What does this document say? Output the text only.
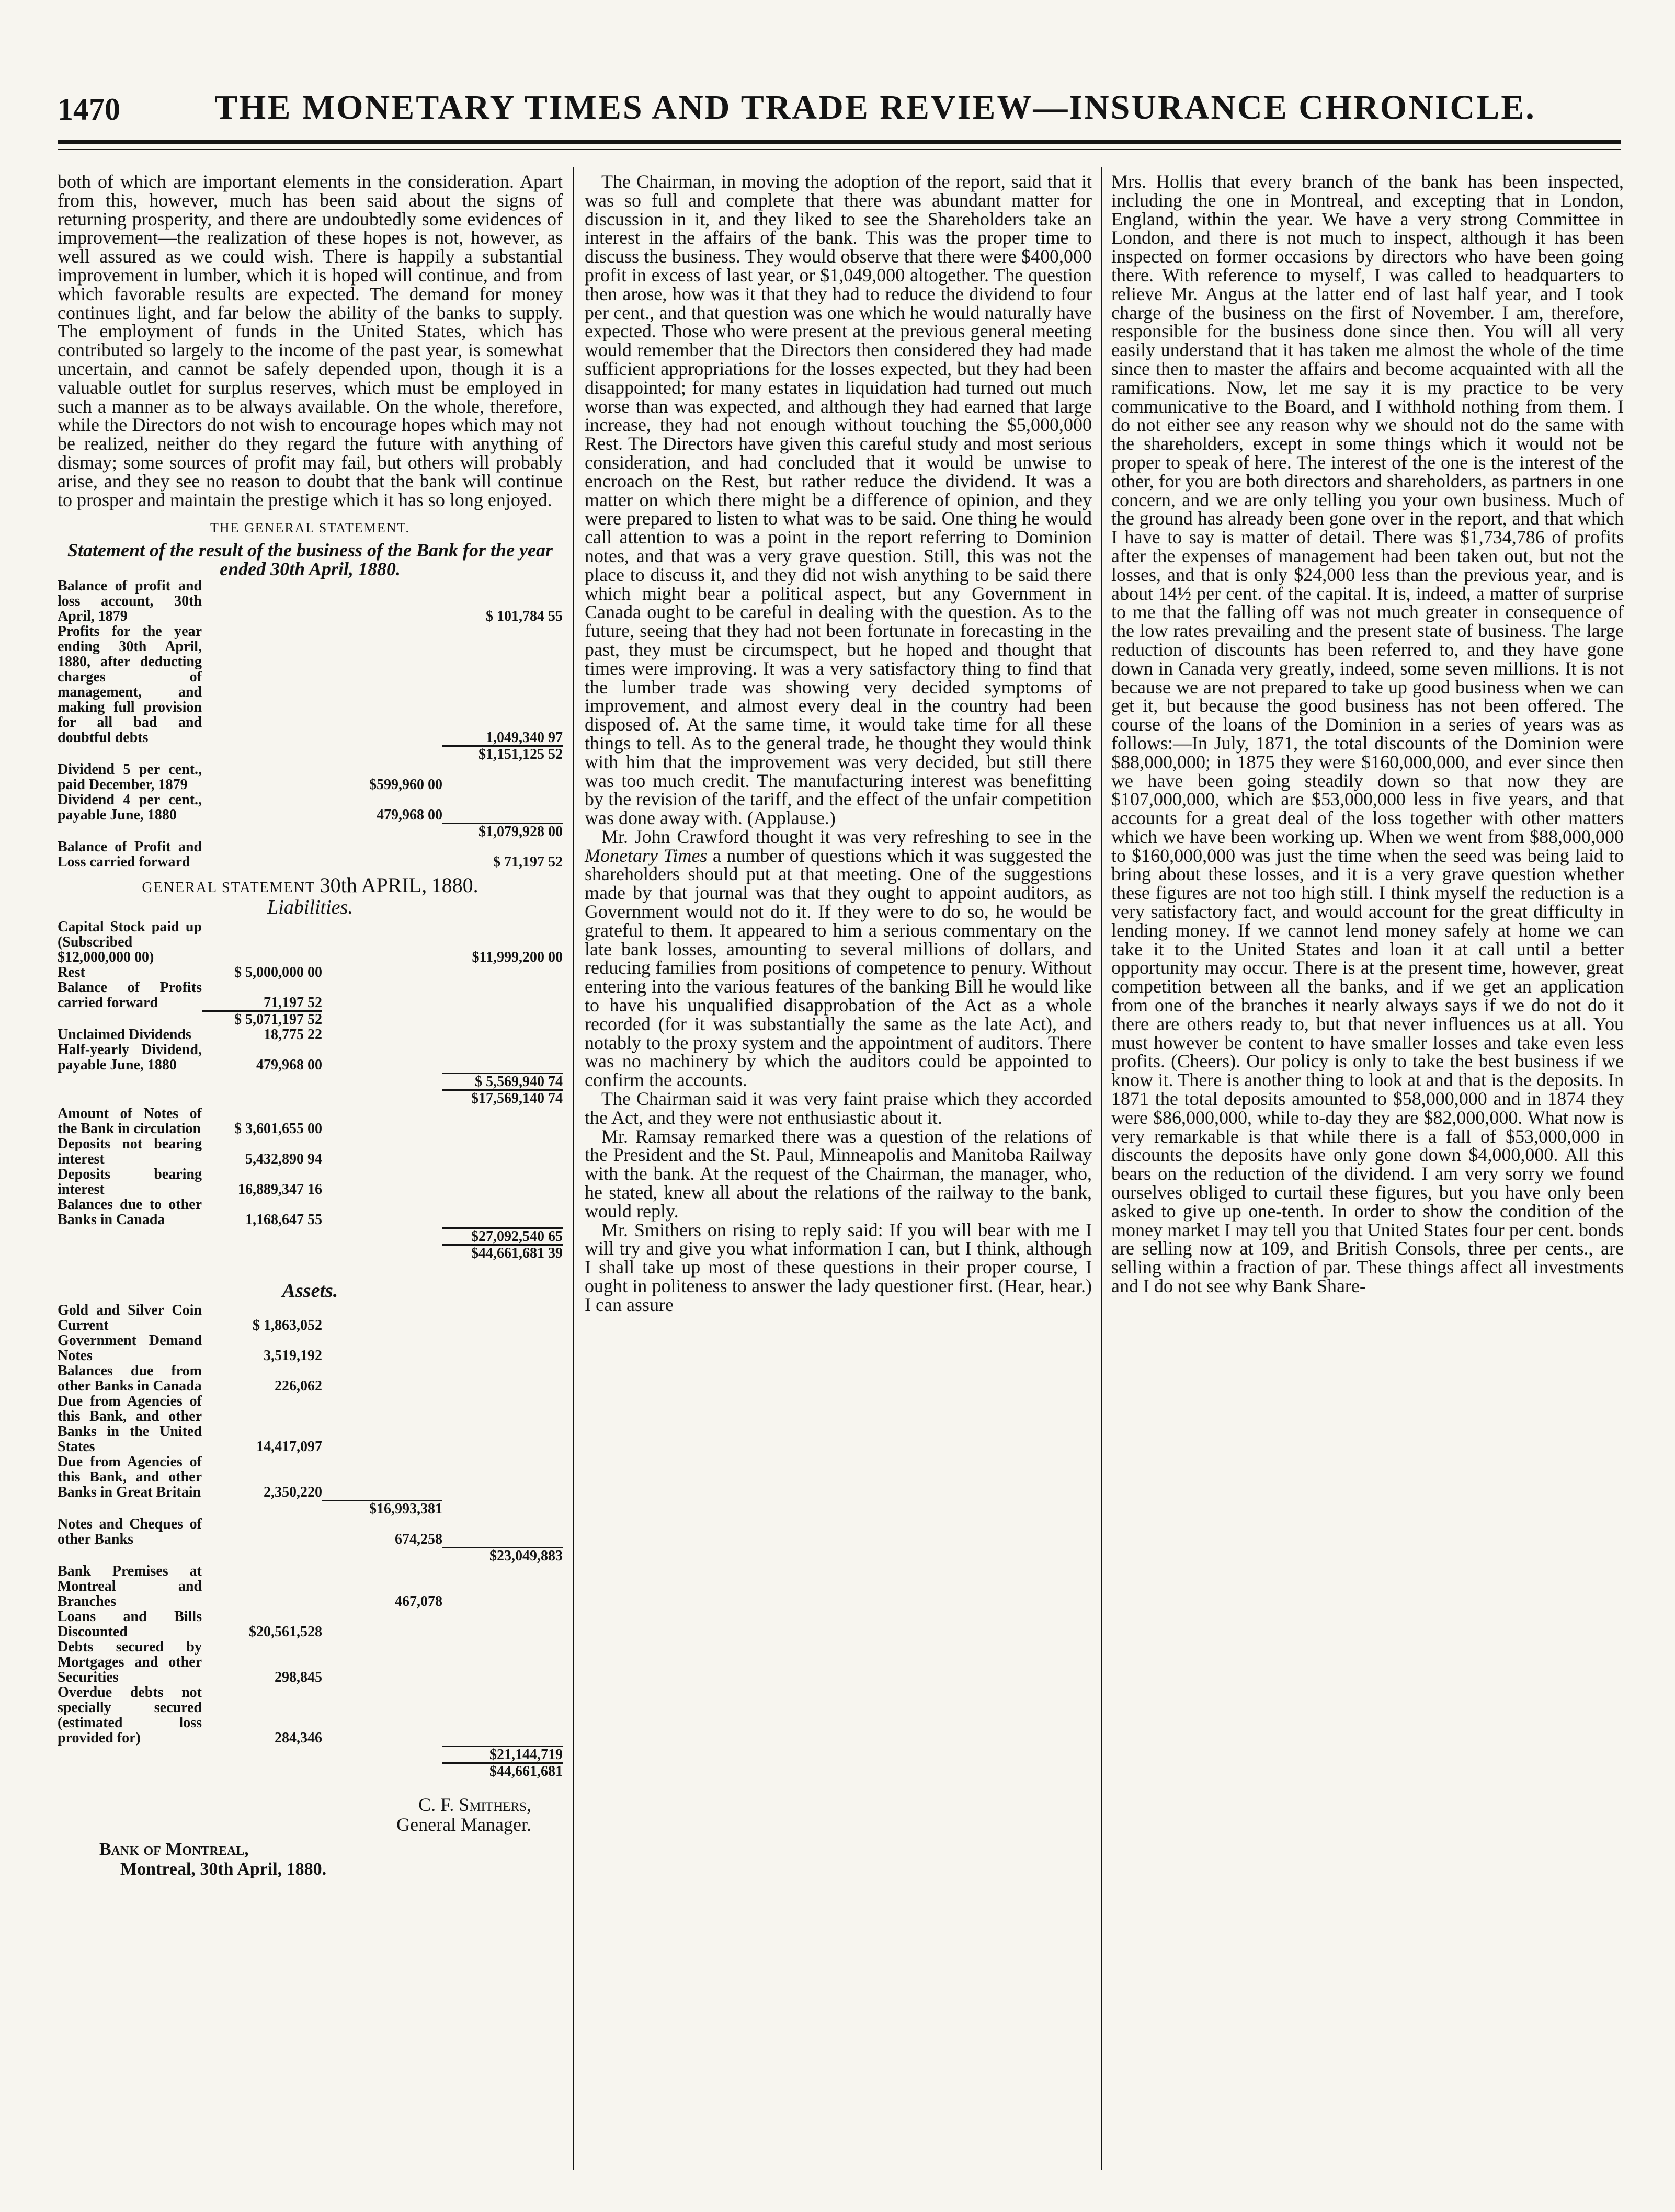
1470	THE MONETARY TIMES AND TRADE REVIEW—INSURANCE CHRONICLE.

both of which are important elements in the consideration. Apart from this, however, much has been said about the signs of returning prosperity, and there are undoubtedly some evidences of improvement—the realization of these hopes is not, however, as well assured as we could wish. There is happily a substantial improvement in lumber, which it is hoped will continue, and from which favorable results are expected. The demand for money continues light, and far below the ability of the banks to supply. The employment of funds in the United States, which has contributed so largely to the income of the past year, is somewhat uncertain, and cannot be safely depended upon, though it is a valuable outlet for surplus reserves, which must be employed in such a manner as to be always available. On the whole, therefore, while the Directors do not wish to encourage hopes which may not be realized, neither do they regard the future with anything of dismay; some sources of profit may fail, but others will probably arise, and they see no reason to doubt that the bank will continue to prosper and maintain the prestige which it has so long enjoyed.

THE GENERAL STATEMENT.
Statement of the result of the business of the Bank for the year ended 30th April, 1880.
Balance of profit and loss account, 30th April, 1879	$ 101,784 55
Profits for the year ending 30th April, 1880, after deducting charges of management, and making full provision for all bad and doubtful debts	1,049,340 97
$1,151,125 52
Dividend 5 per cent., paid December, 1879	$599,960 00
Dividend 4 per cent., payable June, 1880	479,968 00
$1,079,928 00
Balance of Profit and Loss carried forward	$ 71,197 52
GENERAL STATEMENT 30th APRIL, 1880.
Liabilities.
Capital Stock paid up (Subscribed $12,000,000 00)	$11,999,200 00
Rest	$ 5,000,000 00
Balance of Profits carried forward	71,197 52
$ 5,071,197 52
Unclaimed Dividends	18,775 22
Half-yearly Dividend, payable June, 1880	479,968 00
$ 5,569,940 74
$17,569,140 74
Amount of Notes of the Bank in circulation	$ 3,601,655 00
Deposits not bearing interest	5,432,890 94
Deposits bearing interest	16,889,347 16
Balances due to other Banks in Canada	1,168,647 55
$27,092,540 65
$44,661,681 39
Assets.
Gold and Silver Coin Current	$ 1,863,052
Government Demand Notes	3,519,192
Balances due from other Banks in Canada	226,062
Due from Agencies of this Bank, and other Banks in the United States	14,417,097
Due from Agencies of this Bank, and other Banks in Great Britain	2,350,220
$16,993,381
Notes and Cheques of other Banks	674,258
$23,049,883
Bank Premises at Montreal and Branches	467,078
Loans and Bills Discounted	$20,561,528
Debts secured by Mortgages and other Securities	298,845
Overdue debts not specially secured (estimated loss provided for)	284,346
$21,144,719
$44,661,681
C. F. Smithers,
General Manager.
Bank of Montreal,
Montreal, 30th April, 1880.

The Chairman, in moving the adoption of the report, said that it was so full and complete that there was abundant matter for discussion in it, and they liked to see the Shareholders take an interest in the affairs of the bank. This was the proper time to discuss the business. They would observe that there were $400,000 profit in excess of last year, or $1,049,000 altogether. The question then arose, how was it that they had to reduce the dividend to four per cent., and that question was one which he would naturally have expected. Those who were present at the previous general meeting would remember that the Directors then considered they had made sufficient appropriations for the losses expected, but they had been disappointed; for many estates in liquidation had turned out much worse than was expected, and although they had earned that large increase, they had not enough without touching the $5,000,000 Rest. The Directors have given this careful study and most serious consideration, and had concluded that it would be unwise to encroach on the Rest, but rather reduce the dividend. It was a matter on which there might be a difference of opinion, and they were prepared to listen to what was to be said. One thing he would call attention to was a point in the report referring to Dominion notes, and that was a very grave question. Still, this was not the place to discuss it, and they did not wish anything to be said there which might bear a political aspect, but any Government in Canada ought to be careful in dealing with the question. As to the future, seeing that they had not been fortunate in forecasting in the past, they must be circumspect, but he hoped and thought that times were improving. It was a very satisfactory thing to find that the lumber trade was showing very decided symptoms of improvement, and almost every deal in the country had been disposed of. At the same time, it would take time for all these things to tell. As to the general trade, he thought they would think with him that the improvement was very decided, but still there was too much credit. The manufacturing interest was benefitting by the revision of the tariff, and the effect of the unfair competition was done away with. (Applause.)

Mr. John Crawford thought it was very refreshing to see in the Monetary Times a number of questions which it was suggested the shareholders should put at that meeting. One of the suggestions made by that journal was that they ought to appoint auditors, as Government would not do it. If they were to do so, he would be grateful to them. It appeared to him a serious commentary on the late bank losses, amounting to several millions of dollars, and reducing families from positions of competence to penury. Without entering into the various features of the banking Bill he would like to have his unqualified disapprobation of the Act as a whole recorded (for it was substantially the same as the late Act), and notably to the proxy system and the appointment of auditors. There was no machinery by which the auditors could be appointed to confirm the accounts.

The Chairman said it was very faint praise which they accorded the Act, and they were not enthusiastic about it.

Mr. Ramsay remarked there was a question of the relations of the President and the St. Paul, Minneapolis and Manitoba Railway with the bank. At the request of the Chairman, the manager, who, he stated, knew all about the relations of the railway to the bank, would reply.

Mr. Smithers on rising to reply said: If you will bear with me I will try and give you what information I can, but I think, although I shall take up most of these questions in their proper course, I ought in politeness to answer the lady questioner first. (Hear, hear.) I can assure

Mrs. Hollis that every branch of the bank has been inspected, including the one in Montreal, and excepting that in London, England, within the year. We have a very strong Committee in London, and there is not much to inspect, although it has been inspected on former occasions by directors who have been going there. With reference to myself, I was called to headquarters to relieve Mr. Angus at the latter end of last half year, and I took charge of the business on the first of November. I am, therefore, responsible for the business done since then. You will all very easily understand that it has taken me almost the whole of the time since then to master the affairs and become acquainted with all the ramifications. Now, let me say it is my practice to be very communicative to the Board, and I withhold nothing from them. I do not either see any reason why we should not do the same with the shareholders, except in some things which it would not be proper to speak of here. The interest of the one is the interest of the other, for you are both directors and shareholders, as partners in one concern, and we are only telling you your own business. Much of the ground has already been gone over in the report, and that which I have to say is matter of detail. There was $1,734,786 of profits after the expenses of management had been taken out, but not the losses, and that is only $24,000 less than the previous year, and is about 14½ per cent. of the capital. It is, indeed, a matter of surprise to me that the falling off was not much greater in consequence of the low rates prevailing and the present state of business. The large reduction of discounts has been referred to, and they have gone down in Canada very greatly, indeed, some seven millions. It is not because we are not prepared to take up good business when we can get it, but because the good business has not been offered. The course of the loans of the Dominion in a series of years was as follows:—In July, 1871, the total discounts of the Dominion were $88,000,000; in 1875 they were $160,000,000, and ever since then we have been going steadily down so that now they are $107,000,000, which are $53,000,000 less in five years, and that accounts for a great deal of the loss together with other matters which we have been working up. When we went from $88,000,000 to $160,000,000 was just the time when the seed was being laid to bring about these losses, and it is a very grave question whether these figures are not too high still. I think myself the reduction is a very satisfactory fact, and would account for the great difficulty in lending money. If we cannot lend money safely at home we can take it to the United States and loan it at call until a better opportunity may occur. There is at the present time, however, great competition between all the banks, and if we get an application from one of the branches it nearly always says if we do not do it there are others ready to, but that never influences us at all. You must however be content to have smaller losses and take even less profits. (Cheers). Our policy is only to take the best business if we know it. There is another thing to look at and that is the deposits. In 1871 the total deposits amounted to $58,000,000 and in 1874 they were $86,000,000, while to-day they are $82,000,000. What now is very remarkable is that while there is a fall of $53,000,000 in discounts the deposits have only gone down $4,000,000. All this bears on the reduction of the dividend. I am very sorry we found ourselves obliged to curtail these figures, but you have only been asked to give up one-tenth. In order to show the condition of the money market I may tell you that United States four per cent. bonds are selling now at 109, and British Consols, three per cents., are selling within a fraction of par. These things affect all investments and I do not see why Bank Share-
